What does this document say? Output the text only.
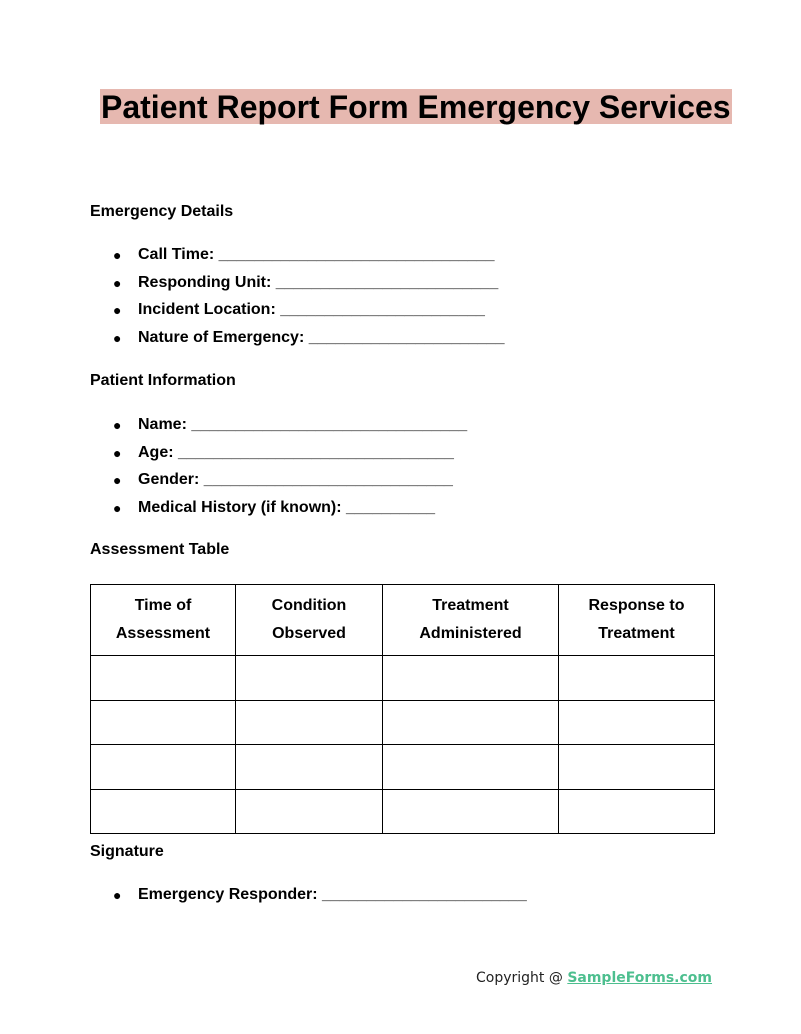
Patient Report Form Emergency Services
Emergency Details
● Call Time: _______________________________
● Responding Unit: _________________________
● Incident Location: _______________________
● Nature of Emergency: ______________________
Patient Information
● Name: _______________________________
● Age: _______________________________
● Gender: ____________________________
● Medical History (if known): __________
Assessment Table
Time of Assessment	Condition Observed	Treatment Administered	Response to Treatment

Signature
● Emergency Responder: _______________________
Copyright @ SampleForms.com
